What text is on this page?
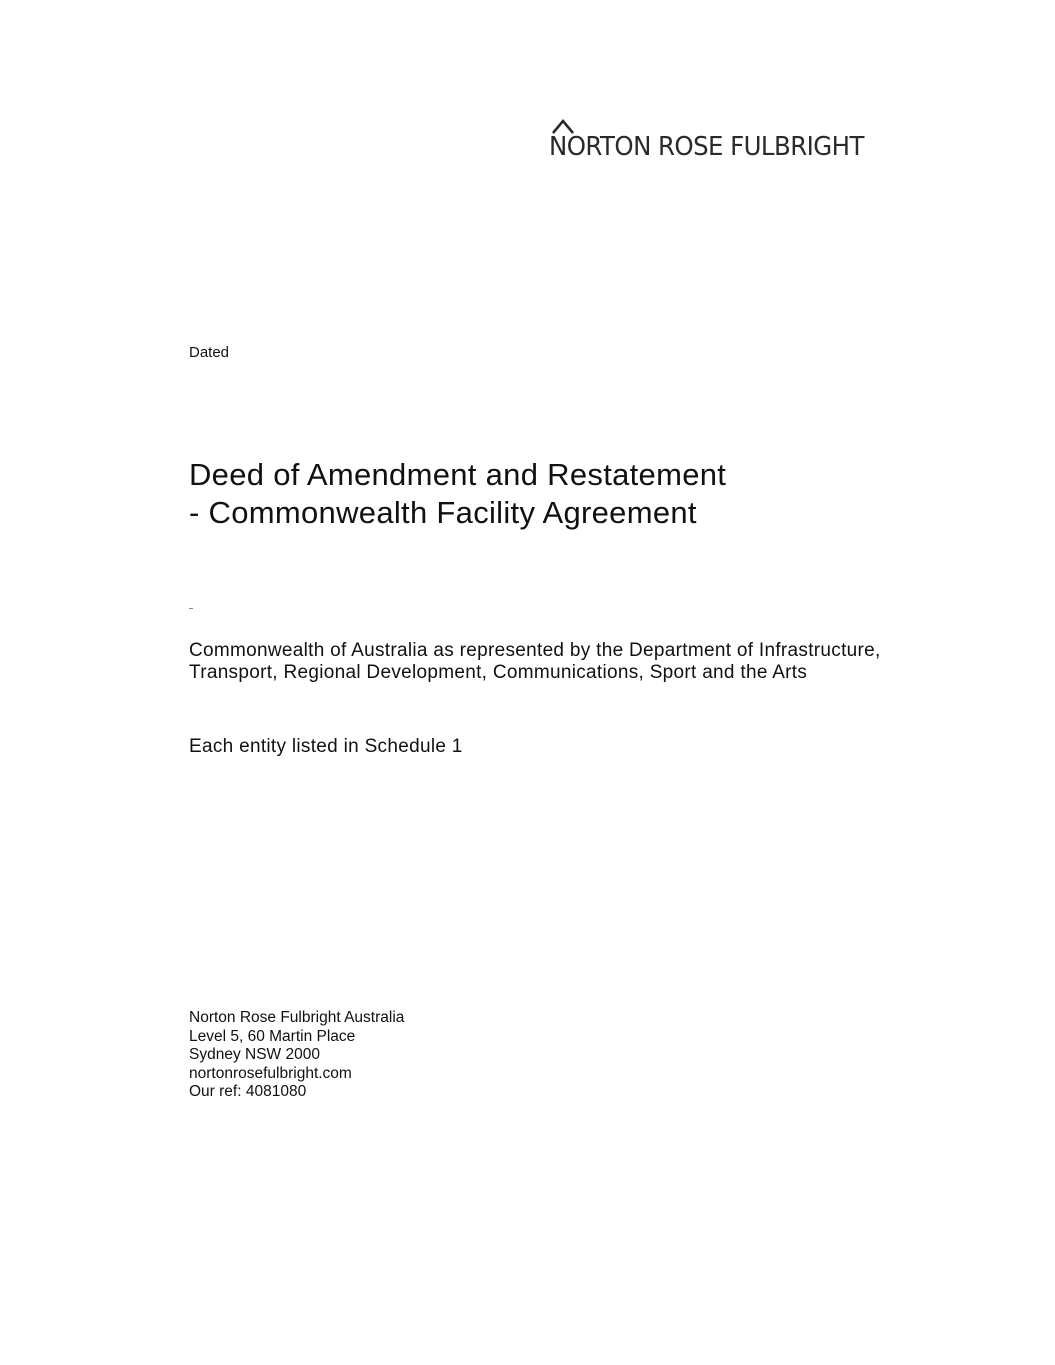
NORTON ROSE FULBRIGHT
Dated
Deed of Amendment and Restatement
- Commonwealth Facility Agreement
Commonwealth of Australia as represented by the Department of Infrastructure, Transport, Regional Development, Communications, Sport and the Arts
Each entity listed in Schedule 1
Norton Rose Fulbright Australia
Level 5, 60 Martin Place
Sydney NSW 2000
nortonrosefulbright.com
Our ref: 4081080
